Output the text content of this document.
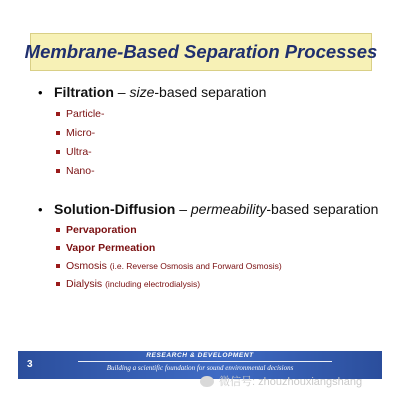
Membrane-Based Separation Processes
• Filtration – size -based separation
Particle-
Micro-
Ultra-
Nano-
• Solution-Diffusion – permeability -based separation
Pervaporation
Vapor Permeation
Osmosis
(i.e. Reverse Osmosis and Forward Osmosis)
Dialysis
(including electrodialysis)
3
RESEARCH & DEVELOPMENT
Building a scientific foundation for sound environmental decisions
微信号: zhouzhouxiangshang
